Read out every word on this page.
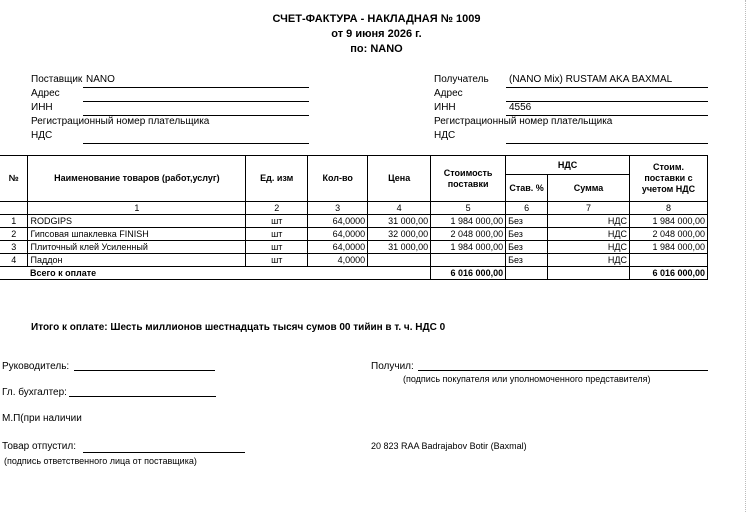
СЧЕТ-ФАКТУРА - НАКЛАДНАЯ № 1009
от 9 июня 2026 г.
по: NANO
Поставщик NANO
Адрес
ИНН
Регистрационный номер плательщика
НДС
Получатель (NANO Mix) RUSTAM AKA BAXMAL
Адрес
ИНН	4556
Регистрационный номер плательщика
НДС
№	Наименование товаров (работ,услуг)	Ед. изм	Кол-во	Цена	Стоимость поставки	НДС		Стоим. поставки с учетом НДС
						Став. %	Сумма	
	1	2	3	4	5	6	7	8
1	RODGIPS	шт	64,0000	31 000,00	1 984 000,00	Без	НДС	1 984 000,00
2	Гипсовая шпаклевка FINISH	шт	64,0000	32 000,00	2 048 000,00	Без	НДС	2 048 000,00
3	Плиточный клей Усиленный	шт	64,0000	31 000,00	1 984 000,00	Без	НДС	1 984 000,00
4	Паддон	шт	4,0000			Без	НДС	
	Всего к оплате				6 016 000,00			6 016 000,00
Итого к оплате: Шесть миллионов шестнадцать тысяч сумов 00 тийин в т. ч. НДС 0
Руководитель:	Получил:
(подпись покупателя или уполномоченного представителя)
Гл. бухгалтер:
М.П(при наличии
Товар отпустил:
(подпись ответственного лица от поставщика)
20 823 RAA Badrajabov Botir (Baxmal)
